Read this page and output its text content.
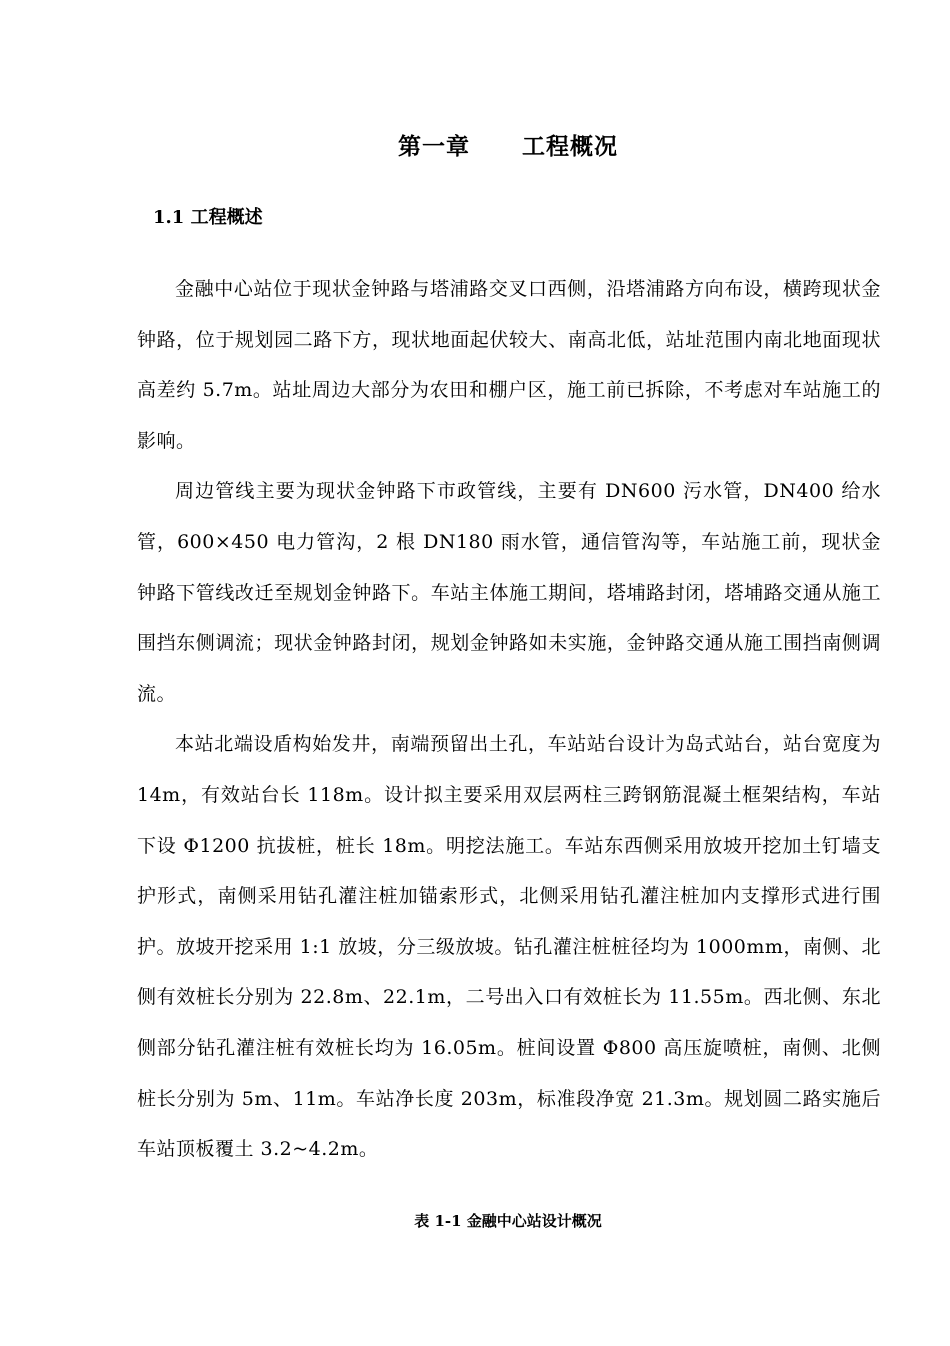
第一章 工程概况
1.1 工程概述

金融中心站位于现状金钟路与塔浦路交叉口西侧，沿塔浦路方向布设，横跨现状金钟路，位于规划园二路下方，现状地面起伏较大、南高北低，站址范围内南北地面现状高差约 5.7m。站址周边大部分为农田和棚户区，施工前已拆除，不考虑对车站施工的影响。

周边管线主要为现状金钟路下市政管线，主要有 DN600 污水管，DN400 给水管，600×450 电力管沟，2 根 DN180 雨水管，通信管沟等，车站施工前，现状金钟路下管线改迁至规划金钟路下。车站主体施工期间，塔埔路封闭，塔埔路交通从施工围挡东侧调流；现状金钟路封闭，规划金钟路如未实施，金钟路交通从施工围挡南侧调流。

本站北端设盾构始发井，南端预留出土孔，车站站台设计为岛式站台，站台宽度为 14m，有效站台长 118m。设计拟主要采用双层两柱三跨钢筋混凝土框架结构，车站下设 Φ1200 抗拔桩，桩长 18m。明挖法施工。车站东西侧采用放坡开挖加土钉墙支护形式，南侧采用钻孔灌注桩加锚索形式，北侧采用钻孔灌注桩加内支撑形式进行围护。放坡开挖采用 1:1 放坡，分三级放坡。钻孔灌注桩桩径均为 1000mm，南侧、北侧有效桩长分别为 22.8m、22.1m，二号出入口有效桩长为 11.55m。西北侧、东北侧部分钻孔灌注桩有效桩长均为 16.05m。桩间设置 Φ800 高压旋喷桩，南侧、北侧桩长分别为 5m、11m。车站净长度 203m，标准段净宽 21.3m。规划圆二路实施后车站顶板覆土 3.2~4.2m。

表 1-1 金融中心站设计概况
